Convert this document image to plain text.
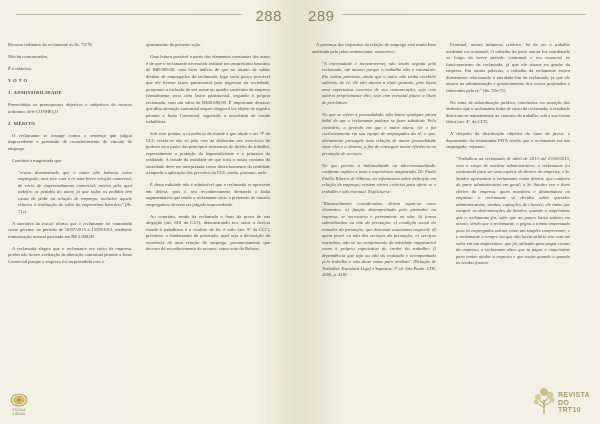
288

Recurso ordinário do reclamante às fls. 73/78.

Não há contrarrazões.

É o relatório.

V O T O

1. ADMISSIBILIDADE

Preenchidos os pressupostos objetivos e subjetivos do recurso ordinário, dele CONHEÇO.

2. MÉRITO

O reclamante se insurge contra a sentença que julgou improcedente a pretensão de reconhecimento de vínculo de emprego.

Concluiu a magistrada que:

"restou demonstrado que o autor não laborou como empregado, mas teve com a ré uma breve relação comercial, de sócio de empreendimento comercial, motivo pelo qual indefiro os pedidos do autor, já que todos os pedidos têm causa de pedir na relação de emprego, inclusive aquele relativo à restituição do valor do empréstimo bancário" (fls. 71v)

A narrativa da inicial afirma que o reclamante foi contratado como gerente, no período de 16/07/2013 a 15/09/2013, mediante remuneração mensal pactuada em R$ 4.000,00.

A reclamada alegou que o reclamante era sócio da empresa, porém não houve averbação da alteração contratual perante a Junta Comercial porque a empresa foi surpreendida com o

ajuizamento da presente ação.

Uma leitura possível a partir dos elementos constantes dos autos é de que o reclamante necessitou realizar um empréstimo bancário de R$9.000,00, com forte indício de que no intuito de saldar dívidas de empregados da reclamada, logo seria pouco provável que ele tivesse lastro patrimonial para ingressar na sociedade, porquanto a inclusão de seu nome no quadro societário da empresa formalmente seria com lastro patrimonial, segundo a própria reclamada, com um valor de R$40.680,00. É importante destacar que diha alteração contratual sequer chegou a ser objeto de registro perante a Junta Comercial, sugerindo a ocorrência de fraude trabalhista.

Sob esse prisma, a ocorrência da fraude a que alude o art. 9º da CLT, revela-se não só pelo viés da desbordar nos exercícios de poderes na a partir dos princípios estruturais do direito do trabalho, especialmente a proteção do hipossuficiente e a primazia da realidade. A fraude da realidade de que trata o nosso contrato da sociedade deve ser interpretada como desvirtuamento da realidade a impedir a aplicação dos preceitos da CLT, sendo, portanto, nula.

É desta nulidade não é admissível que a reclamada se aproveite em defesa, pois o seu reconhecimento demanda a linha argumentativa que sendo o reclamante sócio a pretensão de vínculo empregatício deveria ser julgada improcedente.

Ao contrário, sendo da reclamada o ônus da prova de sua alegação (art. 818 da CLT), demonstrando nos autos a fictícia fraude à trabalhista é o conflito de fls. é nulo (art. 9º da CLT), prevalece o fundamento da pretensão, qual seja a declaração da existência de uma relação de emprego, pronunciamento que decorre do reconhecimento do recurso, como voto do Relator.

ESCOLA JUDICIAL
289

A presença dos requisitos da relação de emprego está muito bem analisada pelo julzo sentenciante, transcrevo:

"A onerosidade é incontroversa, não sendo negada pela reclamada, até mesmo porque o trabalho não é voluntário. Em outras palavras, ainda que o autor não tenha recebido salários, de ré, ele não atuava a título gratuito, pois havia uma expectativa concreta de sua remuneração, seja com salário propriamente dito, seja com eventual fatura a título de pró-labore.

No que se refere à pessoalidade, não houve qualquer prova hábil de que o reclamante pudesse se fazer substituir. Pelo contrário, o período em que o autor atuou, ele o fez exclusivamente em sua equipe de empregados da ré, o que, obviamente pressupõe uma relação de maior pessoalidade entre eles e a obreira, a fim de conseguir maior eficiência na prestação de serviços.

No que pertine à habitualidade ou não-eventualidade, conforme explica a justa e experiência magistrada, Dr. Paulo Emílio Ribeiro de Vilhena, ao informarem sobre definição em relação de emprego, existem vários critérios para aferir se o trabalho é não eventual. Explicita-se:

"Razoavelmente consideradas, devem supor-se esses elementos: a) função desempenhada pelo prestador ou empresa, se necessária e permanente ou não; b) forma subordinativa ou não da prestação; c) condição social do tomador da prestação, que demanda autonomia negocial; d) quem provê ou não dos serviços da prestação; e) serviços estranhos, não só ao cumprimento da atividade empresarial como à própria expectativa do credor do trabalho; f) dependência que seja ou não do realizado e acompanhado pelo trabalho e não deste como puro atributo" (Relação de Trabalho: Estrutura Legal e Supostos. 3ª ed. São Paulo: LTR, 2005, p. 418).

Eventual, nesses inúmeros critérios, há de ser o trabalho acidental ou ocasional. O trabalho da parte autora foi coordenado ao longo do breve período contratual e era essencial ao funcionamento da reclamada, já que ele atuava na gestão da empresa. Em outras palavras, o trabalho da reclamante estava diretamente relacionado à atividade-fim da reclamada, já que ele atuava na administração e gerenciamento dos novos projetados e fabricados pela ré." (fls. 70v/71)

No tema da subordinação jurídica, conclusiva, na inserção dos atributos que o reclamante tinha de sócio da reclamada, o resultado direciona-se naturalmente ao contrato de trabalho, sob a sua forma fática (art. 4º, da CLT).

A despeito da distribuição objetiva do ônus da prova, o depoimento da testemunha FITA revela que o reclamante era um empregado, vejamos:

"Trabalhou na reclamada de abril de 2013 até 23/09/2013, com o cargo de auxiliar administrativo; o reclamante foi contratado para ser uma espécie de diretor da empresa; o Sr. Sandro apresentou o reclamante como diretor, que cuidaria da parte administrativa em geral; o Sr. Sandro era o dono efetivo da empresa, quem mandava e desmandava na empresa; o reclamante só decidia sobre questões administrativas, vendas, captações de clientes; ele tinha que cumprir as determinações do Sandro; quando o empréstimo que o reclamante fez, sabe que ao pouco havia salário em atraso, sendo que o reclamante, o pegou o tomou emprestado para os empregados saíram como um simples comprovante, e o reclamante o sempre via que não havia salário tem com um valor em um empréstimo; que foi utilizado para pagar contas da empresa; o reclamante dizer que ia pagar o empréstimo para tentar ajudar a empresa e que assim quando o quando as vendas fossem

REVISTA
DO TRT10
